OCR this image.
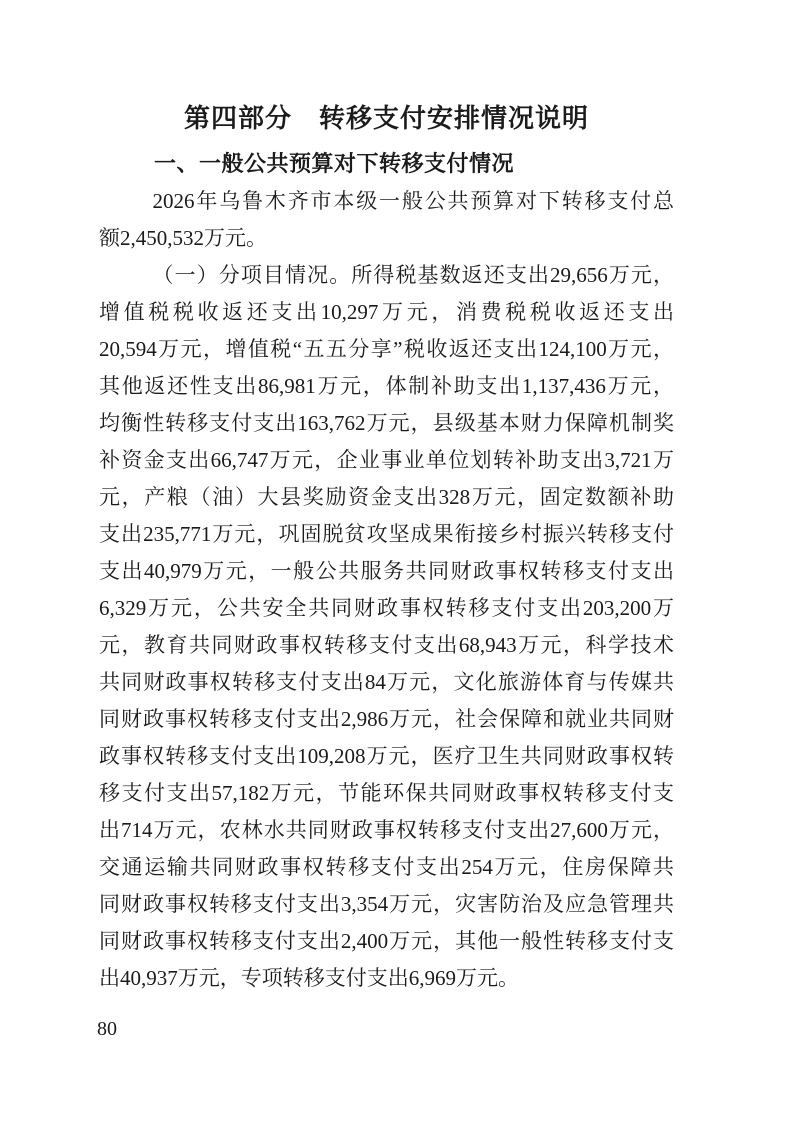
第四部分　转移支付安排情况说明
一、一般公共预算对下转移支付情况
2026年乌鲁木齐市本级一般公共预算对下转移支付总
额2,450,532万元。
（一）分项目情况。所得税基数返还支出29,656万元，
增值税税收返还支出10,297万元，消费税税收返还支出
20,594万元，增值税“五五分享”税收返还支出124,100万元，
其他返还性支出86,981万元，体制补助支出1,137,436万元，
均衡性转移支付支出163,762万元，县级基本财力保障机制奖
补资金支出66,747万元，企业事业单位划转补助支出3,721万
元，产粮（油）大县奖励资金支出328万元，固定数额补助
支出235,771万元，巩固脱贫攻坚成果衔接乡村振兴转移支付
支出40,979万元，一般公共服务共同财政事权转移支付支出
6,329万元，公共安全共同财政事权转移支付支出203,200万
元，教育共同财政事权转移支付支出68,943万元，科学技术
共同财政事权转移支付支出84万元，文化旅游体育与传媒共
同财政事权转移支付支出2,986万元，社会保障和就业共同财
政事权转移支付支出109,208万元，医疗卫生共同财政事权转
移支付支出57,182万元，节能环保共同财政事权转移支付支
出714万元，农林水共同财政事权转移支付支出27,600万元，
交通运输共同财政事权转移支付支出254万元，住房保障共
同财政事权转移支付支出3,354万元，灾害防治及应急管理共
同财政事权转移支付支出2,400万元，其他一般性转移支付支
出40,937万元，专项转移支付支出6,969万元。
80
